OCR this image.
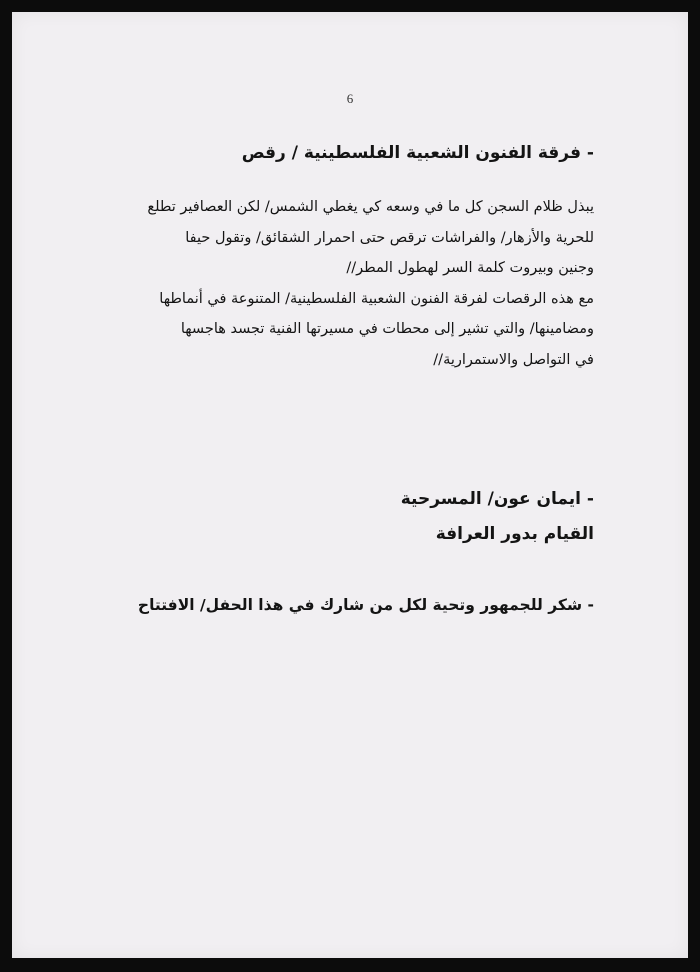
6
- فرقة الفنون الشعبية الفلسطينية / رقص
يبذل ظلام السجن كل ما في وسعه كي يغطي الشمس/ لكن العصافير تطلع
للحرية والأزهار/ والفراشات ترقص حتى احمرار الشقائق/ وتقول حيفا
وجنين وبيروت كلمة السر لهطول المطر//
مع هذه الرقصات لفرقة الفنون الشعبية الفلسطينية/ المتنوعة في أنماطها
ومضامينها/ والتي تشير إلى محطات في مسيرتها الفنية تجسد هاجسها
في التواصل والاستمرارية//
- ايمان عون/ المسرحية
القيام بدور العرافة
- شكر للجمهور وتحية لكل من شارك في هذا الحفل/ الافتتاح
